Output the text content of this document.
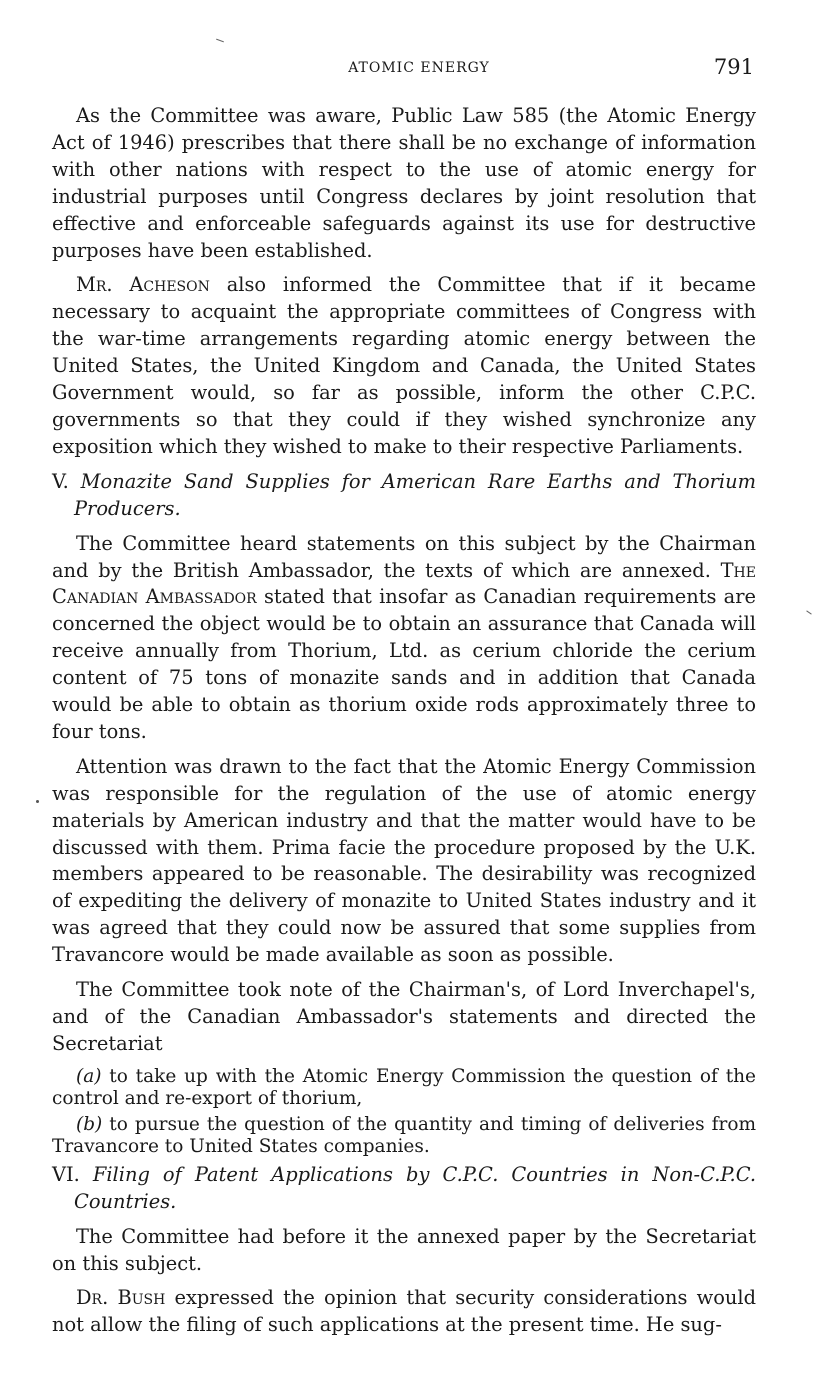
ATOMIC ENERGY	791

As the Committee was aware, Public Law 585 (the Atomic Energy Act of 1946) prescribes that there shall be no exchange of information with other nations with respect to the use of atomic energy for industrial purposes until Congress declares by joint resolution that effective and enforceable safeguards against its use for destructive purposes have been established.

Mr. Acheson also informed the Committee that if it became necessary to acquaint the appropriate committees of Congress with the war-time arrangements regarding atomic energy between the United States, the United Kingdom and Canada, the United States Government would, so far as possible, inform the other C.P.C. governments so that they could if they wished synchronize any exposition which they wished to make to their respective Parliaments.

V. Monazite Sand Supplies for American Rare Earths and Thorium Producers.

The Committee heard statements on this subject by the Chairman and by the British Ambassador, the texts of which are annexed. The Canadian Ambassador stated that insofar as Canadian requirements are concerned the object would be to obtain an assurance that Canada will receive annually from Thorium, Ltd. as cerium chloride the cerium content of 75 tons of monazite sands and in addition that Canada would be able to obtain as thorium oxide rods approximately three to four tons.

Attention was drawn to the fact that the Atomic Energy Commission was responsible for the regulation of the use of atomic energy materials by American industry and that the matter would have to be discussed with them. Prima facie the procedure proposed by the U.K. members appeared to be reasonable. The desirability was recognized of expediting the delivery of monazite to United States industry and it was agreed that they could now be assured that some supplies from Travancore would be made available as soon as possible.

The Committee took note of the Chairman's, of Lord Inverchapel's, and of the Canadian Ambassador's statements and directed the Secretariat

(a) to take up with the Atomic Energy Commission the question of the control and re-export of thorium,

(b) to pursue the question of the quantity and timing of deliveries from Travancore to United States companies.

VI. Filing of Patent Applications by C.P.C. Countries in Non-C.P.C. Countries.

The Committee had before it the annexed paper by the Secretariat on this subject.

Dr. Bush expressed the opinion that security considerations would not allow the filing of such applications at the present time. He sug-
